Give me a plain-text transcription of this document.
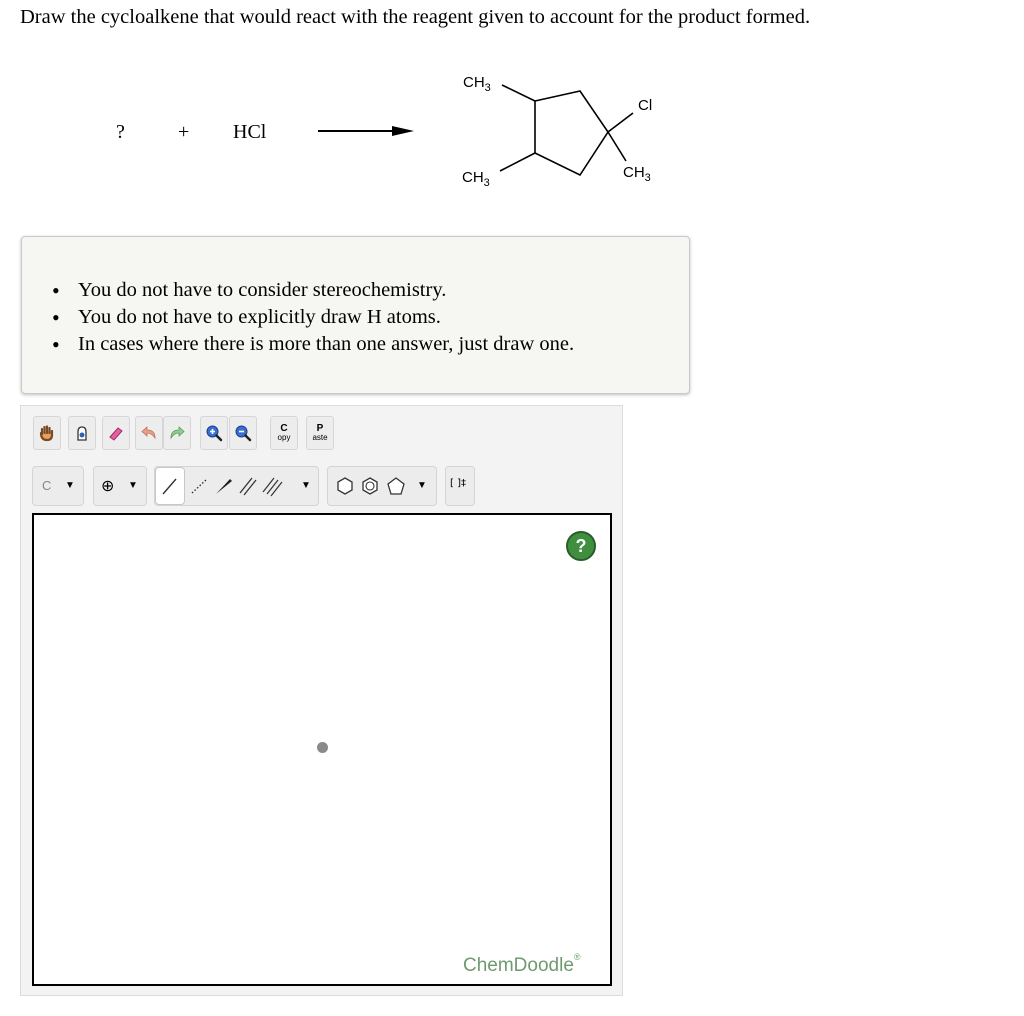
Draw the cycloalkene that would react with the reagent given to account for the product formed.
?	+ HCl
$CH_3$
Cl
$CH_3$
$CH_3$
• You do not have to consider stereochemistry.
• You do not have to explicitly draw H atoms.
• In cases where there is more than one answer, just draw one.
C
opy
P
aste
C ▼ ⊕ ▼	▼	▼ [ ]‡
?
ChemDoodle®
